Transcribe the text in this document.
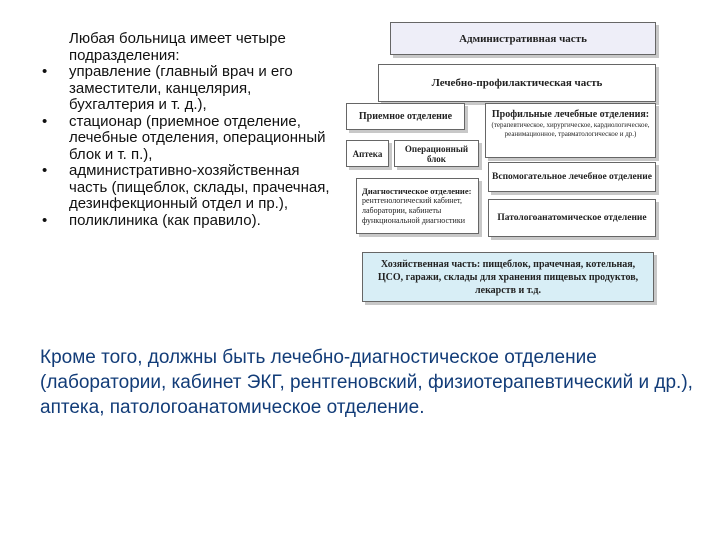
Любая больница имеет четыре подразделения:
• управление (главный врач и его заместители, канцелярия, бухгалтерия и т. д.),
• стационар (приемное отделение, лечебные отделения, операционный блок и т. п.),
• административно-хозяйственная часть (пищеблок, склады, прачечная, дезинфекционный отдел и пр.),
• поликлиника (как правило).
Административная часть
Лечебно-профилактическая часть
Приемное отделение	Профильные лечебные отделения:
(терапевтическое, хирургическое, кардиологическое, реанимационное, травматологическое и др.)
Аптека	Операционный блок
Диагностическое отделение:
рентгенологический кабинет, лаборатории, кабинеты функциональной диагностики
Вспомогательное лечебное отделение
Патологоанатомическое отделение
Хозяйственная часть: пищеблок, прачечная, котельная, ЦСО, гаражи, склады для хранения пищевых продуктов, лекарств и т.д.
Кроме того, должны быть лечебно-диагностическое отделение (лаборатории, кабинет ЭКГ, рентгеновский, физиотерапевтический и др.), аптека, патологоанатомическое отделение.
